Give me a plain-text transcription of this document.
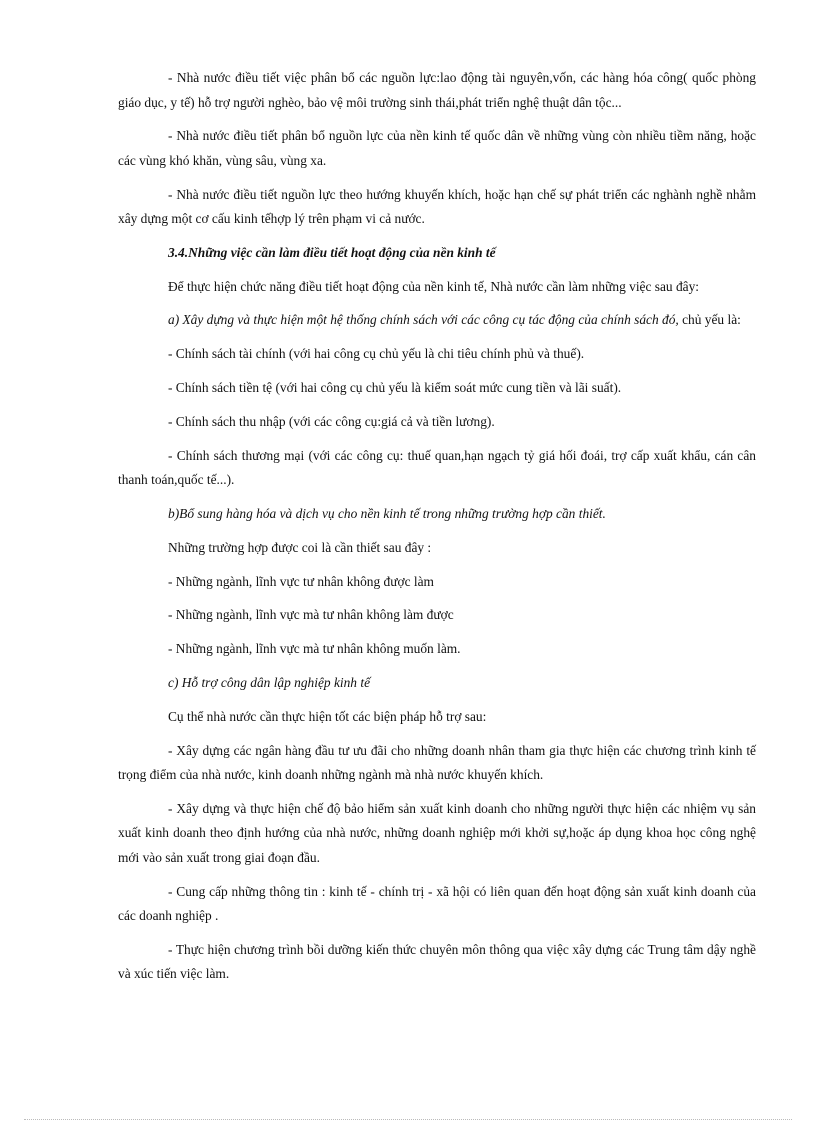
- Nhà nước điều tiết việc phân bổ các nguồn lực:lao động tài nguyên,vốn, các hàng hóa công( quốc phòng giáo dục, y tế) hỗ trợ người nghèo, bảo vệ môi trường sinh thái,phát triển nghệ thuật dân tộc...

- Nhà nước điều tiết phân bổ nguồn lực của nền kinh tế quốc dân về những vùng còn nhiều tiềm năng, hoặc các vùng khó khăn, vùng sâu, vùng xa.

- Nhà nước điều tiết nguồn lực theo hướng khuyến khích, hoặc hạn chế sự phát triển các nghành nghề nhằm xây dựng một cơ cấu kinh tếhợp lý trên phạm vi cả nước.

3.4.Những việc cần làm điều tiết hoạt động của nền kinh tế

Để thực hiện chức năng điều tiết hoạt động của nền kinh tế, Nhà nước cần làm những việc sau đây:

a) Xây dựng và thực hiện một hệ thống chính sách với các công cụ tác động của chính sách đó, chủ yếu là:

- Chính sách tài chính (với hai công cụ chủ yếu là chi tiêu chính phủ và thuế).

- Chính sách tiền tệ (với hai công cụ chủ yếu là kiểm soát mức cung tiền và lãi suất).

- Chính sách thu nhập (với các công cụ:giá cả và tiền lương).

- Chính sách thương mại (với các công cụ: thuế quan,hạn ngạch tỷ giá hối đoái, trợ cấp xuất khẩu, cán cân thanh toán,quốc tế...).

b)Bổ sung hàng hóa và dịch vụ cho nền kinh tế trong những trường hợp cần thiết.

Những trường hợp được coi là cần thiết sau đây :

- Những ngành, lĩnh vực tư nhân không được làm

- Những ngành, lĩnh vực mà tư nhân không làm được

- Những ngành, lĩnh vực mà tư nhân không muốn làm.

c) Hỗ trợ công dân lập nghiệp kinh tế

Cụ thể nhà nước cần thực hiện tốt các biện pháp hỗ trợ sau:

- Xây dựng các ngân hàng đầu tư ưu đãi cho những doanh nhân tham gia thực hiện các chương trình kinh tế trọng điểm của nhà nước, kinh doanh những ngành mà nhà nước khuyến khích.

- Xây dựng và thực hiện chế độ bảo hiểm sản xuất kinh doanh cho những người thực hiện các nhiệm vụ sản xuất kinh doanh theo định hướng của nhà nước, những doanh nghiệp mới khởi sự,hoặc áp dụng khoa học công nghệ mới vào sản xuất trong giai đoạn đầu.

- Cung cấp những thông tin : kinh tế - chính trị - xã hội có liên quan đến hoạt động sản xuất kinh doanh của các doanh nghiệp .

- Thực hiện chương trình bồi dưỡng kiến thức chuyên môn thông qua việc xây dựng các Trung tâm dậy nghề và xúc tiến việc làm.
